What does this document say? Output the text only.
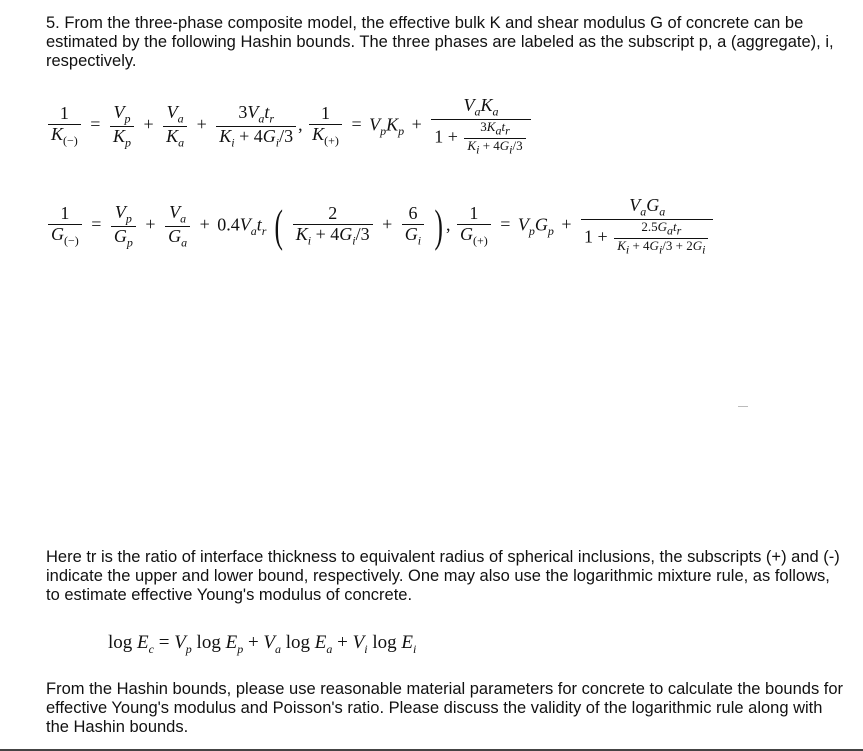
5. From the three-phase composite model, the effective bulk K and shear modulus G of concrete can be estimated by the following Hashin bounds. The three phases are labeled as the subscript p, a (aggregate), i, respectively.
$\frac{1}{K_{(-)}} = \frac{V_p}{K_p} + \frac{V_a}{K_a} + \frac{3V_at_r}{K_i + 4G_i/3}$ , $\frac{1}{K_{(+)}} = V_pK_p + \frac{V_aK_a}{1 + \frac{3K_at_r}{K_i + 4G_i/3}}$
$\frac{1}{G_{(-)}} = \frac{V_p}{G_p} + \frac{V_a}{G_a} + 0.4V_at_r$ ( $\frac{2}{K_i + 4G_i/3} + \frac{6}{G_i}$ ) , $\frac{1}{G_{(+)}} = V_pG_p + \frac{V_aG_a}{1 + \frac{2.5G_at_r}{K_i + 4G_i/3 + 2G_i}}$
Here tr is the ratio of interface thickness to equivalent radius of spherical inclusions, the subscripts (+) and (-) indicate the upper and lower bound, respectively. One may also use the logarithmic mixture rule, as follows, to estimate effective Young's modulus of concrete.
$\log E_c = V_p$ $\log E_p + V_a$ $\log E_a + V_i$ $\log E_i$
From the Hashin bounds, please use reasonable material parameters for concrete to calculate the bounds for effective Young's modulus and Poisson's ratio. Please discuss the validity of the logarithmic rule along with the Hashin bounds.
